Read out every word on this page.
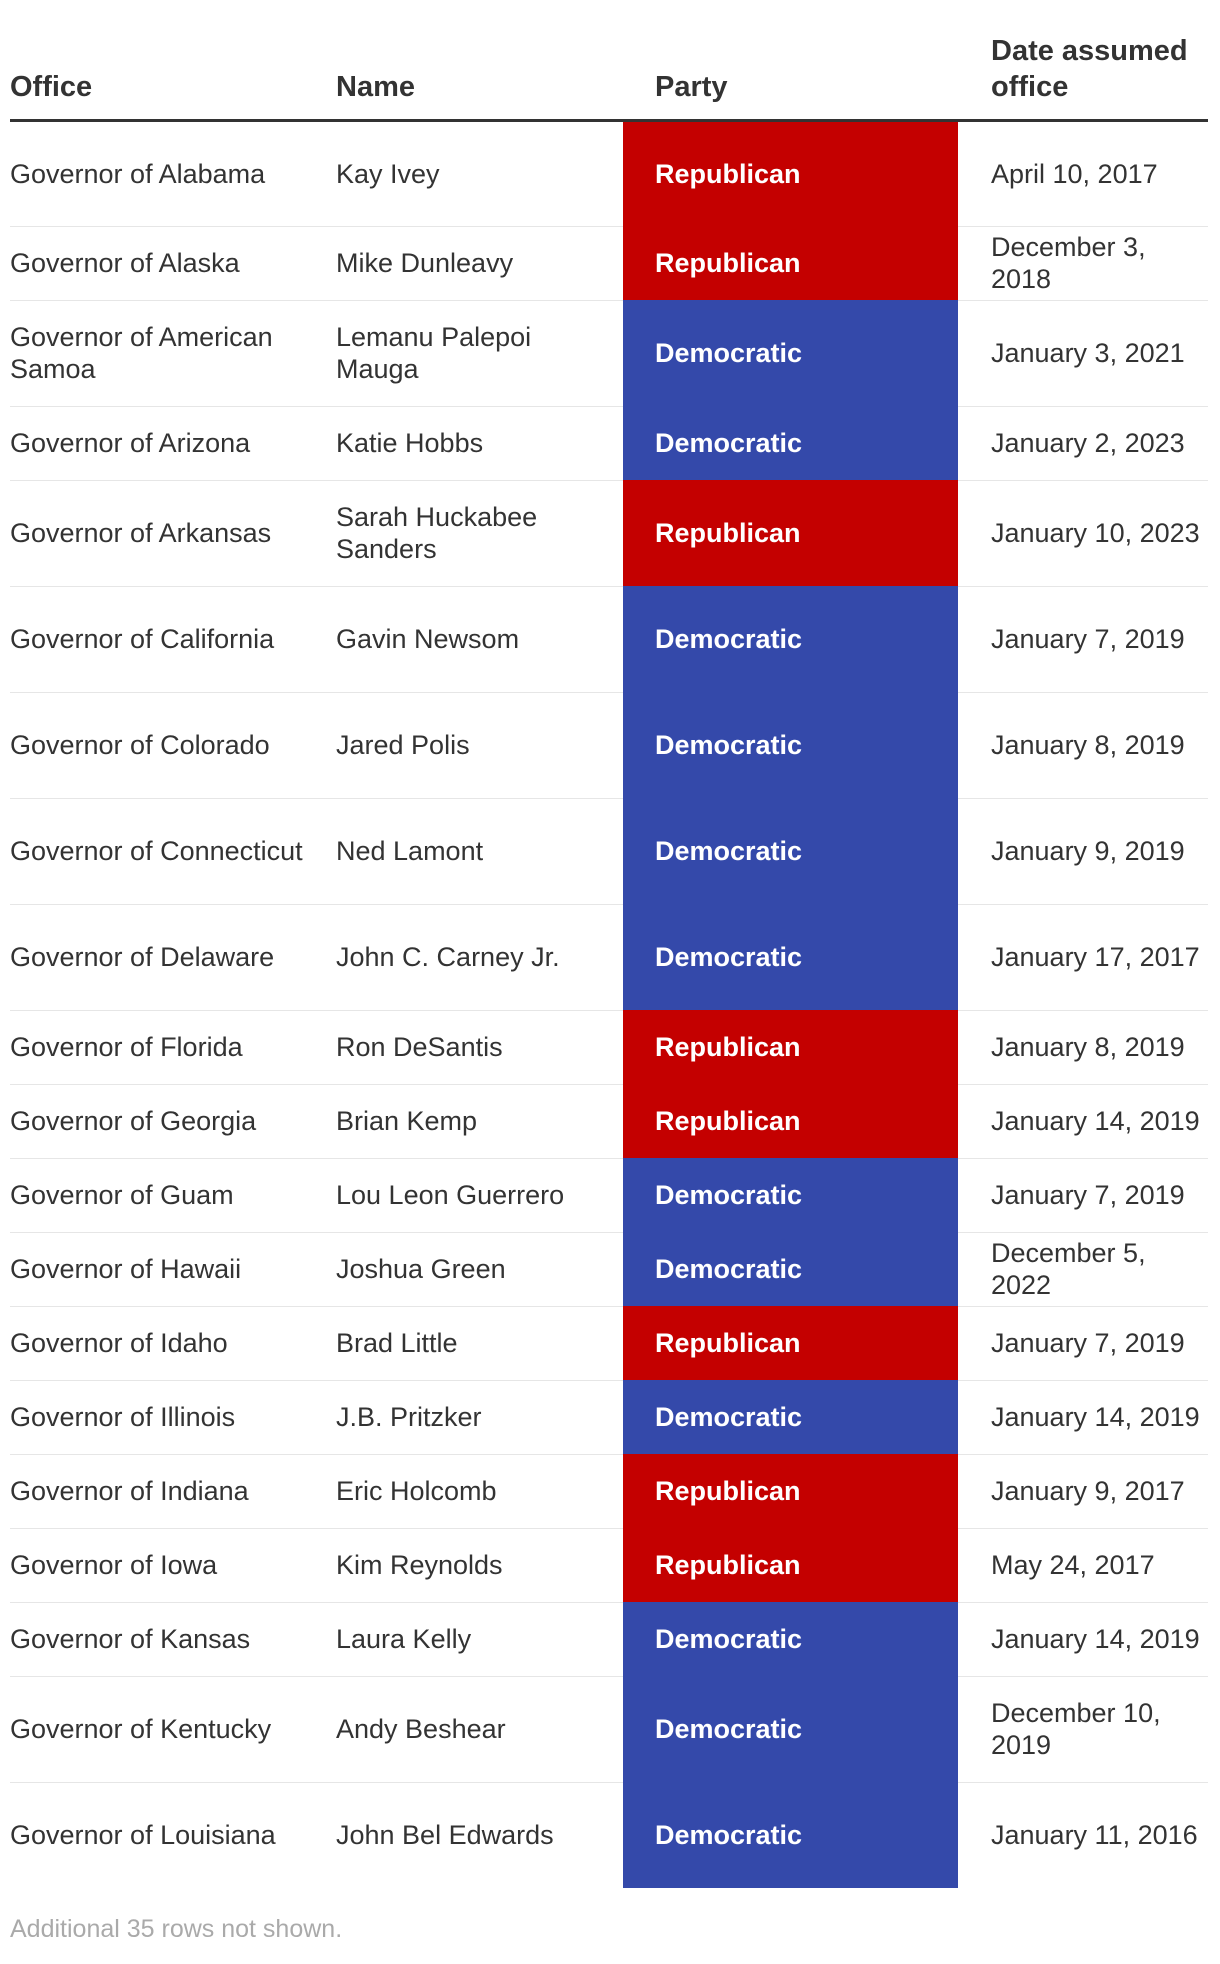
Office	Name	Party	Date assumed office
Governor of Alabama	Kay Ivey	Republican	April 10, 2017
Governor of Alaska	Mike Dunleavy	Republican	December 3, 2018
Governor of American Samoa	Lemanu Palepoi Mauga	Democratic	January 3, 2021
Governor of Arizona	Katie Hobbs	Democratic	January 2, 2023
Governor of Arkansas	Sarah Huckabee Sanders	Republican	January 10, 2023
Governor of California	Gavin Newsom	Democratic	January 7, 2019
Governor of Colorado	Jared Polis	Democratic	January 8, 2019
Governor of Connecticut	Ned Lamont	Democratic	January 9, 2019
Governor of Delaware	John C. Carney Jr.	Democratic	January 17, 2017
Governor of Florida	Ron DeSantis	Republican	January 8, 2019
Governor of Georgia	Brian Kemp	Republican	January 14, 2019
Governor of Guam	Lou Leon Guerrero	Democratic	January 7, 2019
Governor of Hawaii	Joshua Green	Democratic	December 5, 2022
Governor of Idaho	Brad Little	Republican	January 7, 2019
Governor of Illinois	J.B. Pritzker	Democratic	January 14, 2019
Governor of Indiana	Eric Holcomb	Republican	January 9, 2017
Governor of Iowa	Kim Reynolds	Republican	May 24, 2017
Governor of Kansas	Laura Kelly	Democratic	January 14, 2019
Governor of Kentucky	Andy Beshear	Democratic	December 10, 2019
Governor of Louisiana	John Bel Edwards	Democratic	January 11, 2016
Additional 35 rows not shown.
